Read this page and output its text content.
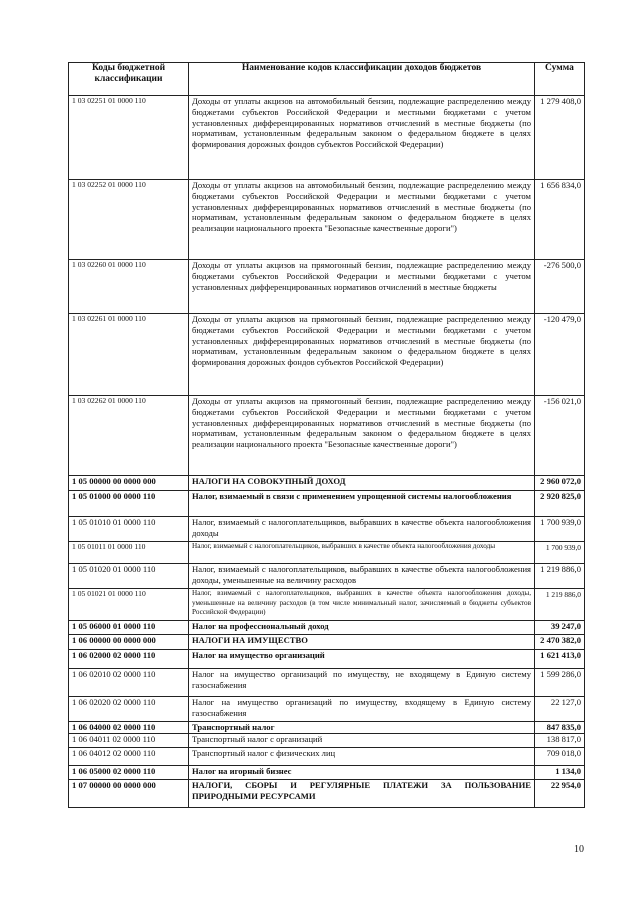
Коды бюджетной классификации	Наименование кодов классификации доходов бюджетов	Сумма
1 03 02251 01 0000 110	Доходы от уплаты акцизов на автомобильный бензин, подлежащие распределению между бюджетами субъектов Российской Федерации и местными бюджетами с учетом установленных дифференцированных нормативов отчислений в местные бюджеты (по нормативам, установленным федеральным законом о федеральном бюджете в целях формирования дорожных фондов субъектов Российской Федерации)	1 279 408,0
1 03 02252 01 0000 110	Доходы от уплаты акцизов на автомобильный бензин, подлежащие распределению между бюджетами субъектов Российской Федерации и местными бюджетами с учетом установленных дифференцированных нормативов отчислений в местные бюджеты (по нормативам, установленным федеральным законом о федеральном бюджете в целях реализации национального проекта "Безопасные качественные дороги")	1 656 834,0
1 03 02260 01 0000 110	Доходы от уплаты акцизов на прямогонный бензин, подлежащие распределению между бюджетами субъектов Российской Федерации и местными бюджетами с учетом установленных дифференцированных нормативов отчислений в местные бюджеты	-276 500,0
1 03 02261 01 0000 110	Доходы от уплаты акцизов на прямогонный бензин, подлежащие распределению между бюджетами субъектов Российской Федерации и местными бюджетами с учетом установленных дифференцированных нормативов отчислений в местные бюджеты (по нормативам, установленным федеральным законом о федеральном бюджете в целях формирования дорожных фондов субъектов Российской Федерации)	-120 479,0
1 03 02262 01 0000 110	Доходы от уплаты акцизов на прямогонный бензин, подлежащие распределению между бюджетами субъектов Российской Федерации и местными бюджетами с учетом установленных дифференцированных нормативов отчислений в местные бюджеты (по нормативам, установленным федеральным законом о федеральном бюджете в целях реализации национального проекта "Безопасные качественные дороги")	-156 021,0
1 05 00000 00 0000 000	НАЛОГИ НА СОВОКУПНЫЙ ДОХОД	2 960 072,0
1 05 01000 00 0000 110	Налог, взимаемый в связи с применением упрощенной системы налогообложения	2 920 825,0
1 05 01010 01 0000 110	Налог, взимаемый с налогоплательщиков, выбравших в качестве объекта налогообложения доходы	1 700 939,0
1 05 01011 01 0000 110	Налог, взимаемый с налогоплательщиков, выбравших в качестве объекта налогообложения доходы	1 700 939,0
1 05 01020 01 0000 110	Налог, взимаемый с налогоплательщиков, выбравших в качестве объекта налогообложения доходы, уменьшенные на величину расходов	1 219 886,0
1 05 01021 01 0000 110	Налог, взимаемый с налогоплательщиков, выбравших в качестве объекта налогообложения доходы, уменьшенные на величину расходов (в том числе минимальный налог, зачисляемый в бюджеты субъектов Российской Федерации)	1 219 886,0
1 05 06000 01 0000 110	Налог на профессиональный доход	39 247,0
1 06 00000 00 0000 000	НАЛОГИ НА ИМУЩЕСТВО	2 470 382,0
1 06 02000 02 0000 110	Налог на имущество организаций	1 621 413,0
1 06 02010 02 0000 110	Налог на имущество организаций по имуществу, не входящему в Единую систему газоснабжения	1 599 286,0
1 06 02020 02 0000 110	Налог на имущество организаций по имуществу, входящему в Единую систему газоснабжения	22 127,0
1 06 04000 02 0000 110	Транспортный налог	847 835,0
1 06 04011 02 0000 110	Транспортный налог с организаций	138 817,0
1 06 04012 02 0000 110	Транспортный налог с физических лиц	709 018,0
1 06 05000 02 0000 110	Налог на игорный бизнес	1 134,0
1 07 00000 00 0000 000	НАЛОГИ, СБОРЫ И РЕГУЛЯРНЫЕ ПЛАТЕЖИ ЗА ПОЛЬЗОВАНИЕ ПРИРОДНЫМИ РЕСУРСАМИ	22 954,0
10
